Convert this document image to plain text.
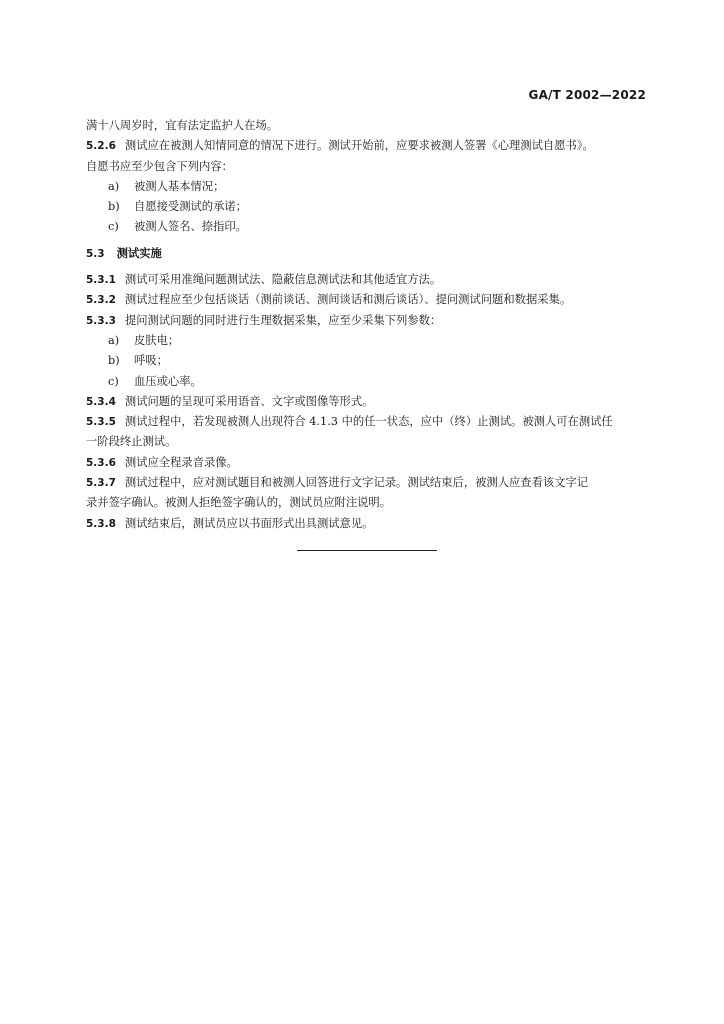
GA/T 2002—2022
满十八周岁时，宜有法定监护人在场。
5.2.6 测试应在被测人知情同意的情况下进行。测试开始前，应要求被测人签署《心理测试自愿书》。
自愿书应至少包含下列内容：
a) 被测人基本情况；
b) 自愿接受测试的承诺；
c) 被测人签名、捺指印。
5.3 测试实施
5.3.1 测试可采用准绳问题测试法、隐蔽信息测试法和其他适宜方法。
5.3.2 测试过程应至少包括谈话（测前谈话、测间谈话和测后谈话）、提问测试问题和数据采集。
5.3.3 提问测试问题的同时进行生理数据采集，应至少采集下列参数：
a) 皮肤电；
b) 呼吸；
c) 血压或心率。
5.3.4 测试问题的呈现可采用语音、文字或图像等形式。
5.3.5 测试过程中，若发现被测人出现符合 4.1.3 中的任一状态，应中（终）止测试。被测人可在测试任
一阶段终止测试。
5.3.6 测试应全程录音录像。
5.3.7 测试过程中，应对测试题目和被测人回答进行文字记录。测试结束后，被测人应查看该文字记
录并签字确认。被测人拒绝签字确认的，测试员应附注说明。
5.3.8 测试结束后，测试员应以书面形式出具测试意见。
